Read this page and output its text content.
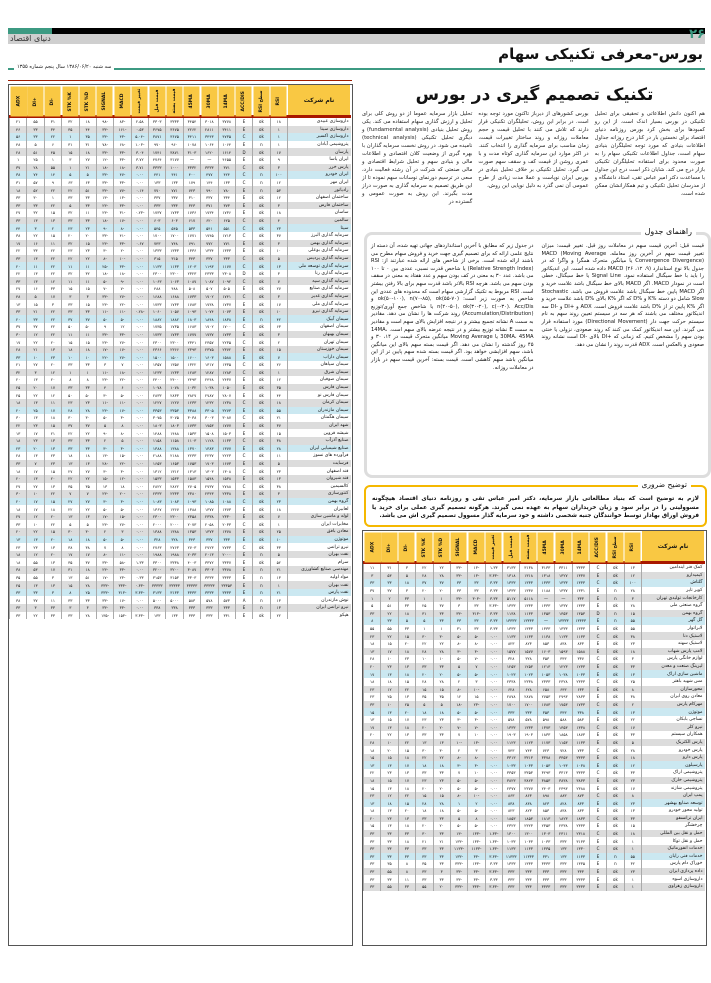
۲۶
دنیای اقتصاد
بورس-معرفی تکنیکی سهام
سه شنبه ۱۳۸۶/۰۶/۲۰ سال پنجم شماره ۱۳۵۵
تکنیک تصمیم گیری در بورس
تحلیل بازار سرمایه عموما از دو روش کلی برای تحلیل و ارزش گذاری سهام استفاده می کند. یکی روش تحلیل بنیادی (fundamental analysis) و دیگری تحلیل تکنیکی (technical analysis) نامیده می شود. در روش نخست سرمایه گذاران با بهره گیری از وضعیت کلان اقتصادی و اطلاعات مالی و بنیادی سهم و تحلیل شرایط اقتصادی و مالی صنعتی که شرکت در آن رشته فعالیت دارد، سعی در ترسیم دورنمای نوسانات سهم نموده تا از این طریق تصمیم به سرمایه گذاری به صورت دراز مدت بگیرند. این روش به صورت عمومی و گسترده در
بورس کشورهای از دیرباز تاکنون مورد توجه بوده است. در برابر این روش، تحلیلگران تکنیکی قرار دارند که تلاش می کنند با تحلیل قیمت و حجم معاملات روزانه و روند ساختار تغییرات قیمت، زمان مناسب برای سرمایه گذاری را انتخاب کنند. در اکثر موارد این سرمایه گذاری کوتاه مدت و با عمری روشن از قیمت کف و سقف سهم صورت می گیرد. تحلیل تکنیکی بر خلاف تحلیل بنیادی در بورس ایران نوپاست و عملا مدت زیادی از طرح عمومی آن نمی گذرد به دلیل نوپایی این روش،
هم اکنون دانش اطلاعاتی و تحقیقی برای تحلیل تکنیکی در بورس بسیار اندک است. از این رو کمبودها برای بخش کرد بورس روزنامه دنیای اقتصاد برای نخستین بار در کنار درج روزانه جداول اطلاعات بنیادی که مورد توجه تحلیلگران بنیادی سهام است، جداول اطلاعات تکنیکی سهام را به صورت محدود برای استفاده تحلیلگران تکنیکی بازار درج می کند. شایان ذکر است درج این جداول با مساعدت دکتر امیر عباس تقی، استاد دانشگاه و از مدرسان تحلیل تکنیکی و تیم همکارانشان ممکن شده است.
راهنمای جدول
در جدول زیر که مطابق با آخرین استانداردهای جهانی تهیه شده، آن دسته از نتایج علمی ارائه که برای تصمیم گیری جهت خرید و فروش سهام مطرح می باشند ارائه شده است. برخی از شاخص های ارائه شده عبارتند از: RSI (Relative Strength Index) یا شاخص قدرت نسبی، عددی بین ۰ تا ۱۰۰ می باشد. عدد ۳۰ به معنی در کف بودن سهم و عدد هفتاد به معنی در سقف بودن سهم می باشد. هرچه RSI بالاتر باشد قدرت سهم برای بالا رفتن بیشتر است. RSI مربوط به تکنیک گزارشی سهام است که محدوده های عددی این شاخص به صورت زیر است: ok(۵۰-۱۰۰), n(۷۰-۸۵), ok(۵۵-۷۰) و n(۲۰-۵۰), ok(۳۰-۲۰), c(۰-۳۰). Acc/Dis یا شاخص جمع آوری/توزیع (Accumulation/Distribution) روند شرکت ها را نشان می دهد. مقادیر به سمت A نشانه تجمیع بیشتر و در نتیجه افزایش بالای سهم است و مقادیر به سمت E نشانه توزیع بیشتر و در نتیجه عرضه بالای سهم است. 14MA، 30MA، 45MA یا Moving Average میانگین متحرک قیمت در ۱۴، ۳۰ و ۴۵ روز گذشته را نشان می دهد. اگر قیمت بسته سهم بالای این میانگین باشد، سهم افزایشی خواهد بود. اگر قیمت بسته شده سهم پایین تر از این میانگین باشد سهم کاهشی است. قیمت بسته: آخرین قیمت سهم در بازار در معاملات روزانه.
قیمت قبل: آخرین قیمت سهم در معاملات روز قبل. تغییر قیمت: میزان تغییر قیمت سهم در آخرین روز معامله. MACD (Moving Average Convergence Divergence) یا میانگین متحرک همگرا و واگرا که در جدول بالا نوع استاندارد (۹، ۱۲، ۲۶) MACD داده شده است. این اندیکاتور را باید با خط سیگنال استفاده نمود. Signal Line یا خط سیگنال، خطی است در نمودار MACD. اگر MACD بالای خط سیگنال باشد علامت خرید و اگر MACD پایین خط سیگنال باشد علامت فروش می باشد. Stochastic Slow شامل دو دسته %K و %D که اگر %K بالای %D باشد علامت خرید و اگر %K پایین تر از %D باشد علامت فروش است. ADX و +DI و -DI سه اندیکاتور مختلف می باشند که هر سه در سیستم تعیین روند سهم به نام سیستم حرکت جهت دار (Directional Movement) مورد استفاده قرار می گیرند. این سه اندیکاتور کمک می کنند که روند صعودی، نزولی یا خنثی بودن سهم را مشخص کنیم. که زمانی که +DI بالای -DI است نشانه روند صعودی و بالعکس است. ADX قدرت روند را نشان می دهد.
توضیح ضروری
لازم به توضیح است که بنیاد مطالعاتی بازار سرمایه، دکتر امیر عباس تقی و روزنامه دنیای اقتصاد هیچگونه مسوولیتی را در برابر سود و زیان خریداران سهام به عهده نمی گیرند. هرگونه تصمیم گیری عملی برای خرید یا فروش اوراق بهادار توسط خوانندگان جنبه شخصی داشته و خود سرمایه گذار مسوول تصمیم گیری اش می باشد.
نام شرکت	RSI	سطح RSI	ACC/DIS	14MA	30MA	45MA	قیمت بسته	قیمت قبل	تغییر قیمت	MACD	SIGNAL	STK %D	STK %K	-DI	+DI	ADX
داروسازی عبیدی	۱۸	ok	E	۳۷۷۸	۳۰۱۸	۳۴۵۴	۳۳۳۳	۳۳۰۳	۲.۵۸	-۸۳	-۹۸	۱۸	۳۲	۳۱	۵۵	۲۱
داروسازی سینا	۱	ok	E	۳۴۱۱	۲۸۱۱	۲۲۶۲	۳۶۷۵	۳۶۷۵	۰.۵۳	-۱۶۱	-۳۳	۴۴	۳۵	۳۴	۳۳	۴۶
داروسازی اکسیر	۱	ok	C	۴۷۳۵	۳۴۴۳	۳۴۱۱	۳۶۷۵	۳۸۷۱	-۵.۰۴	-۴۳	-۳۳	۳۵	۱	۲۲	۳۳	۵۶
پتروشیمی آبادان	۱	n	E	۱۰۶۴	۱۰۶۴	۱۰۷۸	۹۶۰	۹۷۰	-۱.۰۳	-۶۸	-۷۸	۳۱	۳۱	۶	۵	۴۸
پارسان	۱۷	ok	D	۱۶۱۴	۱۶۲۰	۳۱۰۳	۳۸۷۱	۱۷۴۱	۳.۰۴	-۳۳	-۳۳	۱۸	۱۵	۴۵	۵۱	۲۸
ایران یاسا	۹	ok	E	۴۶۵۵	—	—	۳۱۷۷	۴۷۶۴	۳.۷۲	-۳۳	-۱۲	۲۷	۳	۱	۲۵	۱
پارس خزر	۳	ok	C	۳۷۱	۳۳۳۳	۳۳۳۲	۱۰۰۰	۳۳۳۳	۳.۷۱	-۱۸	-۱۸	۲۱	۱	۵۵	۲۸	۳۷
ایران خودرو	۱۰۰	n	C	۴۲۴	۴۷۷	۴۰۰	۴۴۱	۴۴۱	۰.۰۰	-۴۷	-۳۳	۵	۵	۱۴	۷۴	۳۸
ایران مهر	۱۲	n	C	۱۳۳	۱۴۴	۱۷۹	۱۳۳	۱۳۳	۰.۰۰	-۳۳	-۳۳	۶۳	۶۳	۹	۵۷	۳۱
رادیاتور	۵۳	n	E	۷۸۰	۷۹۰	۷۲۳	۷۷۱	۷۷۰	۰.۱۴	-۷۷	-۳۳	۵۱	۲۲	۲۲	۵۲	۱۸
ساختمان اصفهان	۱۲	ok	E	۳۳۴	۳۳۷	۳۱۰	۳۳۷	۳۳۷	۰.۰۰	-۱۳	-۱۳	۳۳	۳۳	۱	۳۰	۳۳
ساختمان فارس	۳	ok	E	۳۷۳	۳۷۱	۳۲۳	۳۳۳	۳۳۳	۰.۰۰	-۳۳	-۲۳	۳۳	۵	۲۲	۳۳	۳۳
ساسان	۱۸	ok	E	۱۷۳۶	۱۷۳۴	۱۷۳۶	۱۷۳۳	۱۷۳۷	-۰.۲۳	-۳۱	-۲۳	۱۱	۳۲	۱۵	۳۲	۲۷
سالمین	۴	ok	C	۶۲۵	۶۲۰	۶۱۷	۶۰۳	۶۰۳	۰.۰۰	-۱۷	-۱۸	۳۳	۳۳	۱۳	۱۳	۳۳
سپتا	۲۳	ok	C	۵۵۱	۵۴۱	۵۳۳	۵۴۵	۵۴۵	۰.۰۰	-۸	-۹	۲۳	۲۳	۲	۳	۴۴
سرمایه گذاری البرز	۳۷	ok	C	۱۷۱۳	۱۷۴۵	۱۷۷۱	۱۷۰۰	۱۷۰۰	۰.۰۰	-۴۱	-۳۳	۲۰	۲۰	۱۵	۲۲	۳۸
سرمایه گذاری بهمن	۳	ok	E	۷۷۱	۷۷۲	۷۹۱	۷۴۸	۷۴۳	۰.۶۷	-۳۳	-۲۳	۱۵	۳۲	۱۱	۱۶	۱۷
سرمایه گذاری بوعلی	۱۰	ok	E	۱۳۳۳	۱۳۳۴	۱۳۳۶	۱۳۳۳	۱۳۳۳	۰.۰۰	-۲	-۳	۲۳	۲۳	۲۲	۳۳	۲۲
سرمایه گذاری پردیس	۵	ok	C	۳۳۳	۳۳۷	۳۴۳	۳۱۵	۳۱۵	۰.۰۰	-۱۰	-۸	۲۲	۲۲	۲۲	۱۳	۳۳
سرمایه گذاری توسعه ملی	۱۳	ok	C	۱۱۷۷	۱۱۹۳	۱۲۰۳	۱۱۳۳	۱۱۳۳	۰.۰۰	-۳۳	-۲۵	۱۱	۱۱	۲۲	۱۱	۲۰
سرمایه گذاری رنا	۳	ok	D	۲۳۰۸	۲۳۳۳	۲۳۲۳	۲۳۰۰	۲۳۰۰	۰.۰۰	-۱۸	-۱۸	۳۲	۳۲	۲۲	۱۳	۲۲
سرمایه گذاری سپه	۷	ok	C	۱۰۹۲	۱۰۸۷	۱۰۸۷	۱۰۶۳	۱۰۶۳	۰.۰۰	-۹	-۵	۱۱	۱۱	۱۲	۱۳	۳۳
سرمایه گذاری صنایع	۲۷	ok	E	۵۰۵	۵۰۷	۵۰۸	۴۸۸	۴۸۸	۰.۰۰	-۷	-۷	۱۵	۱۵	۳۳	۱۶	۲۷
سرمایه گذاری غدیر	۳	ok	C	۱۷۴۱	۱۷۰۲	۱۷۳۳	۱۶۸۸	۱۶۸۸	۰.۰۰	-۲۷	-۳۳	۳	۳	۱۷	۵	۴۸
سرمایه گذاری ملی	۱۷	ok	E	۱۷۳۷	۱۷۳۸	۱۷۸۳	۱۷۳۳	۱۷۳۳	۰.۰۰	-۲۲	-۲۳	۱۵	۳۳	۳	۱۵	۱۳
سرمایه گذاری نیرو	۱۰	ok	E	۱۰۷۳	۱۰۷۴	۱۰۹۳	۱۰۵۷	۱۰۶۰	-۰.۲۸	-۱۱	-۱۱	۳۳	۳۳	۲۲	۲۱	۳۳
سیمان آبیک	۴۲	n	E	۱۸۳۸	۱۸۴۸	۱۸۰۳	۱۸۸۲	۱۸۸۲	۰.۰۰	-۵	-۵	۳۷	۳۷	۲۲	۳۳	۲۰
سیمان اصفهان	۶۳	ok	C	۱۷۰۰	۱۷۰۲	۱۶۸۳	۱۷۳۵	۱۷۳۵	۰.۰۰	۱۲	۹	۵۰	۵۰	۲۲	۳۷	۳۷
سیمان بهبهان	۳	ok	E	۱۷۳۳	۱۷۳۷	۱۷۷۷	۱۷۳۳	۱۷۳۳	۰.۰۰	-۳۳	-۳۳	۱۱	۱۱	۲۲	۱۲	۳۰
سیمان تهران	۲	ok	C	۲۲۳۵	۲۳۵۷	۲۳۴۱	۲۳۰۰	۲۳۰۰	۰.۰۰	-۲۷	-۲۳	۱۵	۱۵	۲۰	۲۲	۱۷
سیمان خوزستان	۱۵	ok	E	۲۳۷۲	۲۳۷۵	۲۳۹۳	۲۳۶۶	۲۳۶۶	۰.۰۰	-۱۷	-۱۷	۱۸	۱۸	۱۳	۲۱	۲۸
سیمان داراب	۷	ok	E	۱۵۸۸	۱۶۰۳	۱۶۰۰	۱۵۰۰	۱۵۰۰	۰.۰۰	-۲۷	-۲۲	۱۰	۱۰	۲۳	۱۰	۳۳
سیمان سپاهان	۲۶	ok	C	۱۳۳۵	۱۳۱۷	۱۳۲۲	۱۳۵۷	۱۳۵۷	۰.۰۰	۷	۳	۳۳	۳۳	۲۰	۲۷	۲۱
سیمان شرق	۱	ok	C	۱۲۸۳	۱۲۸۷	۱۲۸۳	۱۲۳۳	۱۲۳۳	۰.۰۰	-۱۸	-۱۱	۱	۱	۱۲	۳	۳۲
سیمان صوفیان	۱۲	ok	E	۲۴۳۷	۲۴۴۸	۲۴۹۳	۲۴۰۰	۲۴۰۰	۰.۰۰	-۲۲	-۲۳	۸	۸	۲۰	۱۳	۲۰
سیمان فارس	۳۵	ok	E	۱۰۵۰	۱۰۳۸	۱۰۳۲	۱۰۷۸	۱۰۷۸	۰.۰۰	۶	۴	۳۳	۳۳	۱۷	۲۰	۲۵
سیمان فارس نو	۴۴	ok	E	۲۸۰۷	۲۷۸۷	۲۸۲۷	۲۸۳۳	۲۸۳۳	۰.۰۰	-۵	-۳	۵۰	۵۰	۱۲	۲۲	۲۵
سیمان کرمان	۱۸	ok	C	۱۲۳۸	۱۲۳۲	۱۲۳۳	۱۲۲۷	۱۲۲۷	۰.۰۰	-۱۱	-۱۱	۲۳	۲۳	۱۱	۱۳	۱۸
سیمان مازندران	۵۵	ok	E	۳۲۷۳	۳۳۰۵	۳۳۸۸	۳۳۵۳	۳۳۵۳	۰.۰۰	-۱۷	-۲۳	۲۸	۲۸	۱۷	۲۵	۲۰
سیمان هگمتان	۲۱	ok	C	۳۰۸۷	۳۰۰۳	۳۰۳۸	۳۰۷۵	۳۰۷۵	۰.۰۰	-۳	-۵	۳۰	۳۰	۱۸	۱۳	۳۰
شهد ایران	۳۷	ok	E	۱۷۷۷	۱۷۵۳	۱۷۳۳	۱۸۰۳	۱۸۰۳	۰.۰۰	۸	۵	۳۷	۳۷	۱۵	۲۳	۲۲
شیشه قزوین	۱۵	ok	E	۱۵۰۳	۱۵۰۸	۱۵۳۳	۱۴۸۸	۱۴۸۸	۰.۰۰	-۸	-۹	۲۲	۲۲	۲۱	۱۷	۱۳
صنایع آذرآب	۳۸	ok	C	۱۱۳۳	۱۱۲۸	۱۱۰۳	۱۱۵۸	۱۱۵۸	۰.۰۰	۵	۲	۳۳	۳۳	۱۳	۲۳	۱۸
صنایع شیمیایی ایران	۲۸	ok	E	۱۳۷۷	۱۳۸۳	۱۳۷۰	۱۳۸۸	۱۳۸۸	۰.۰۰	-۳	-۳	۳۳	۳۳	۱۳	۲۰	۲۳
فرآورده های نسوز	۱۱	ok	C	۲۲۲۳	۲۲۳۷	۲۲۳۳	۲۱۸۸	۲۱۸۸	۰.۰۰	-۱۵	-۱۳	۱۸	۱۸	۲۳	۱۳	۲۸
فرسایت	۵	ok	E	۱۶۷۳	۱۷۰۳	۱۷۵۳	۱۶۵۳	۱۶۵۳	۰.۰۰	-۲۲	-۲۸	۱۳	۱۳	۲۳	۷	۳۳
قند اصفهان	۲۳	ok	C	۱۳۰۸	۱۳۰۳	۱۳۱۳	۱۳۱۲	۱۳۱۲	۰.۰۰	-۳	-۳	۲۷	۲۷	۱۵	۱۷	۱۸
قند شیروان	۱۳	ok	E	۱۵۳۸	۱۵۴۸	۱۵۸۳	۱۵۳۳	۱۵۳۳	۰.۰۰	-۱۲	-۱۵	۲۲	۲۲	۲۰	۱۳	۲۰
کالسیمین	۳۸	ok	C	۲۷۸۸	۲۷۳۷	۲۷۰۵	۲۸۲۲	۲۸۲۲	۰.۰۰	۱۸	۱۳	۳۵	۳۵	۱۳	۲۷	۲۷
کنتورسازی	۳	ok	E	۲۳۳۸	۲۳۴۳	۲۳۸۰	۲۳۳۳	۲۳۳۳	۰.۰۰	-۲۰	-۲۳	۷	۷	۲۲	۱۰	۳۰
گروه بهمن	۲۳	ok	C	۱۰۸۸	۱۰۸۵	۱۰۹۳	۱۰۸۳	۱۰۸۳	۰.۰۰	-۳	-۳	۲۷	۲۷	۱۵	۱۷	۲۰
لعابیران	۱۸	ok	E	۱۳۷۳	۱۳۷۷	۱۳۸۸	۱۳۶۷	۱۳۶۷	۰.۰۰	-۵	-۵	۲۲	۲۲	۱۸	۱۷	۱۸
لوله و ماشین سازی	۷	ok	E	۲۳۳۰	۲۳۳۸	۲۳۵۸	۲۳۰۰	۲۳۰۰	۰.۰۰	-۱۵	-۱۷	۱۳	۱۳	۲۰	۱۲	۲۷
مخابرات ایران	۱	ok	C	۲۰۳۳	۲۰۵۸	۲۰۷۳	۲۰۰۰	۲۰۰۰	۰.۰۰	-۲۷	-۲۳	۵	۵	۲۲	۱۰	۳۳
معادن بافق	۲۵	ok	E	۱۳۷۸	۱۳۷۳	۱۳۵۳	۱۳۸۸	۱۳۸۸	۰.۰۰	۳	۲	۳۰	۳۰	۱۵	۲۲	۲۰
موتوژن	۱۰	ok	E	۳۳۳	۳۳۷	۳۴۳	۳۲۸	۳۲۸	۰.۰۰	-۵	-۵	۱۸	۱۸	۲۰	۱۳	۱۳
نیرو ترانس	۳۳	ok	C	۲۷۳۳	۲۷۲۳	۲۷۰۳	۲۷۶۳	۲۷۶۳	۰.۰۰	۸	۷	۳۸	۳۸	۱۳	۲۳	۲۳
نفت بهران	۵	n	E	۲۰۰۰	۲۰۱۳	۲۰۳۳	۱۹۸۸	۱۹۸۸	۰.۰۰	-۱۱	-۸	۱۷	۱۷	۲۰	۱۲	۱۸
سرام	۵۲	ok	E	۳۳۳۷	۳۳۷۲	۴۰۰۳	۳۳۳۸	۳۳۰۰	۱.۳۳	-۵۸	-۳۳	۳۷	۳۵	۱۳	۵۵	۱۸
مهندسی صنایع کشاورزی	۲۱	n	E	۳۳۷۸	۳۳۰۳	۳۰۸۷	۳۲۰۰	۳۲۰۰	۰.۰۰	-۳۳	-۲۳	۱۸	۳۱	۱۷	۵۳	۳۸
مواد اولیه	۱۳	n	E	۳۳۳۳	۳۳۳۳	۳۳۰۳	۳۱۵۳	۳۱۵۳	۰.۳۳	-۲۳	-۱۷	۵۱	۱۳	۳	۵۵	۳۵
نفت بهران	۱	n	E	۳۳۳۵۳	۳۳۳۳۳	۳۳۳۳۳	۳۳۳۳۳	۳۳۳۳۳	-۰.۳۳	-۳۳۳	-۳۳۳	۲۸	۱۵	۱۳	۱۳	۲۵
نفت پارس	۲۱	n	E	۳۳۳۳	۳۳۳۳	۳۳۳۳	۳۱۳۳	۳۱۳۳	-۳.۳۳	-۳۱۳	-۳۳۳	۲۵	۸	۳	۳۳	۳۳
نوش مازندران	۱۳	n	A	۵۷۳	۵۷۸	۵۸۳	۵۰۰۰	۵۰۰۰	۰.۰۰	-۱۷	-۳۳	۳۳	۳۳	۱۱	۳۷	۳۸
نیرو ترانس ایران	۱۳	n	E	۳۳۳	۳۳۳	۳۳۳	۳۳۸	۳۳۸	۰.۰۰	-۳۳	-۳۳	۳	۳	۳۳	۳	۳۳
هپکو	۲۲	ok	E	۳۳۱	۳۳۳	۳۳۳	۱۳۳	۱۳۳	-۳.۳۳	-۱۵۳	-۱۳۵	۲۸	۳۳	۳۳	۲۲	۳۳
نام شرکت	RSI	سطح RSI	ACC/DIS	14MA	30MA	45MA	قیمت بسته	قیمت قبل	تغییر قیمت	MACD	SIGNAL	STK %D	STK %K	-DI	+DI	ADX
کمک فنر ایندامین	۱۳	ok	C	۳۳۳۳	۳۳۱۱	۳۱۳۳	۳۱۳۸	۳۱۳۳	۱.۳۳	-۱۳	-۳۳	۲۲	۲۲	۳	۳۱	۱۱
کیمیدارو	۱۲	ok	E	۱۳۳۷	۱۳۲۷	۱۳۱۸	۱۳۱۸	۱۳۱۸	-۳.۳۳	-۱۳	-۳۳	۲۸	۲۸	۵	۵۳	۳
گلتاش	۱۰۰	ok	C	۱۳۳۳	۱۳۳۳	۱۳۳۳	۱۳۳۳	۱۳۳۳	۳.۳۳	۳۳	۳۳	۳۷	۳۷	۱۸	۳۳	۳۳
کویر تایر	۲۸	n	E	۱۳۳۱	۱۳۳۷	۱۱۸۸	۱۳۳۷	۱۳۳۳	۳.۳۳	۳۳	۳۳	۲۰	۲۰	۳	۳۷	۳۷
کارخانجات تولیدی تهران	۳	n	E	۳۳۳	—	—	۵۱۱۸	۵۱۱۷	۳.۳۳	-۳۰۳	-۳۳	۱	۱	۳۳	۲	۱
گروه صنعتی ملی	۲۸	ok	E	۱۳۳۳	۱۳۳۷	۱۳۳۳	۱۳۳۳	۱۳۳۳	-۳.۳۳	۳۳	۳	۳۷	۲۵	۳۳	۵۱	۵
گروه بهمن	۱۵	n	D	۱۳۵۳	۱۳۵۳	۱۳۵۳	۱۱۳۳	۱۱۳۸	۳.۳۳	-۳۱۳	-۳۳	۳۳	۳۱	۱۸	۲۲	۳۳
گل گهر	۵۵	n	E	۱۳۳۳۳	۱۳۳۳۳	—	۱۳۳۳۳	۱۳۳۳۳	۳.۳۳	۳۳	۳۳	۳۳	۵	۵	۳۳	۸
لابراتوار	۵۵	ok	E	۱۳۳۳	۱۳۳۳	۱۳۳۳	۱۳۳۳	۱۳۳۳	۳.۳۳	۳۳	۳۱	۱	۱	۳۳	۵۵	۵۵
لاستیک دنا	۳۸	ok	C	۱۱۳۳	۱۱۳۳	۱۱۳۸	۱۱۳۳	۱۱۳۳	۰.۰۰	-۵	-۵	۳۰	۳۰	۱۵	۲۲	۲۳
لاستیک سهند	۲۳	ok	E	۸۳۳	۸۳۸	۸۵۳	۸۲۳	۸۲۳	۰.۰۰	-۸	-۸	۲۲	۲۲	۲۰	۱۵	۱۸
لامپ پارس شهاب	۱۸	ok	E	۱۵۸۸	۱۵۹۳	۱۶۰۳	۱۵۷۷	۱۵۷۷	۰.۰۰	-۳	-۳	۲۸	۲۸	۱۸	۱۷	۱۳
لوازم خانگی پارس	۳	ok	C	۳۳۷	۳۴۳	۳۵۳	۳۲۸	۳۲۸	۰.۰۰	-۷	-۵	۱۰	۱۰	۲۳	۱۰	۲۸
لیزینگ صنعت و معدن	۳۳	ok	E	۱۲۳۳	۱۲۲۳	۱۲۱۳	۱۲۵۳	۱۲۵۳	۰.۰۰	۷	۵	۳۳	۳۳	۱۳	۲۳	۲۰
ماشین سازی اراک	۱۳	ok	E	۱۰۳۳	۱۰۳۸	۱۰۵۳	۱۰۲۳	۱۰۲۳	۰.۰۰	-۵	-۵	۲۰	۲۰	۱۸	۱۳	۱۷
مس شهید باهنر	۲۵	ok	C	۲۳۳۳	۲۳۲۸	۲۳۳۳	۲۳۳۸	۲۳۳۸	۰.۰۰	۳	۲	۲۸	۲۸	۱۵	۱۸	۱۸
محورسازان	۸	ok	E	۶۳۳	۶۴۳	۶۵۸	۶۲۸	۶۲۸	۰.۰۰	-۱۰	-۸	۱۵	۱۵	۲۲	۱۲	۲۳
معادن روی ایران	۳۸	ok	E	۲۸۳۳	۲۷۹۳	۲۷۵۳	۲۸۷۸	۲۸۷۸	۰.۰۰	۱۵	۱۲	۳۵	۳۵	۱۳	۲۵	۲۳
مهرکام پارس	۲	ok	C	۱۷۳۳	۱۷۵۳	۱۷۸۳	۱۷۰۰	۱۷۰۰	۰.۰۰	-۲۳	-۱۸	۵	۵	۲۵	۱۰	۳۳
موتوژن	۱۳	ok	E	۳۳۸	۳۴۳	۳۵۳	۳۳۳	۳۳۳	۰.۰۰	-۵	-۵	۱۸	۱۸	۲۰	۱۳	۱۵
نساجی بابکان	۲۲	ok	E	۵۸۳	۵۸۸	۵۹۸	۵۷۸	۵۷۸	۰.۰۰	-۳	-۳	۲۳	۲۳	۱۷	۱۵	۱۳
نیرو کلر	۱۷	ok	C	۱۳۳۸	۱۳۵۳	۱۳۷۳	۱۳۳۳	۱۳۳۳	۰.۰۰	-۷	-۷	۲۰	۲۰	۱۸	۱۳	۱۷
همکاران سیستم	۳۳	ok	E	۱۸۷۳	۱۸۵۸	۱۸۳۳	۱۹۰۳	۱۹۰۳	۰.۰۰	۱۰	۷	۳۳	۳۳	۱۳	۲۲	۲۰
پارس الکتریک	۵	ok	E	۱۱۳۳	۱۱۵۳	۱۱۷۳	۱۱۲۳	۱۱۲۳	۰.۰۰	-۱۳	-۱۰	۱۳	۱۳	۲۲	۱۰	۲۸
پارس خودرو	۲۸	ok	C	۷۳۳	۷۲۸	۷۲۳	۷۴۳	۷۴۳	۰.۰۰	۳	۲	۳۰	۳۰	۱۵	۲۰	۱۸
پارس دارو	۱۸	ok	E	۳۳۳۳	۳۳۵۳	۳۳۷۸	۳۳۱۳	۳۳۱۳	۰.۰۰	-۸	-۸	۲۲	۲۲	۱۸	۱۵	۱۵
پارسیلون	۱۲	ok	E	۱۰۳۸	۱۰۴۳	۱۰۵۳	۱۰۳۳	۱۰۳۳	۰.۰۰	-۳	-۳	۱۸	۱۸	۱۷	۱۳	۱۳
پتروشیمی اراک	۳۳	ok	C	۳۳۳۳	۳۳۱۳	۳۲۹۳	۳۳۵۳	۳۳۵۳	۰.۰۰	۱۰	۷	۳۳	۳۳	۱۳	۲۳	۲۲
پتروشیمی خارک	۲۳	ok	E	۳۸۳۳	۳۸۳۸	۳۸۵۳	۳۸۲۳	۳۸۲۳	۰.۰۰	-۵	-۵	۲۳	۲۳	۱۷	۱۵	۱۸
پتروشیمی شازند	۱۷	ok	E	۲۳۸۸	۲۳۹۳	۲۴۰۳	۲۳۷۷	۲۳۷۷	۰.۰۰	-۵	-۵	۲۰	۲۰	۱۸	۱۳	۱۵
پمپ ایران	۸	ok	C	۸۷۳	۸۸۳	۸۹۸	۸۶۳	۸۶۳	۰.۰۰	-۱۰	-۸	۱۵	۱۵	۲۲	۱۲	۲۳
توسعه صنایع بهشهر	۲۳	ok	E	۸۳۳	۸۲۸	۸۲۳	۸۳۸	۸۳۸	۰.۰۰	۲	۱	۲۸	۲۸	۱۵	۱۸	۱۳
تولید محور خودرو	۱۳	ok	E	۸۳۳	۸۳۸	۸۵۳	۸۲۳	۸۲۳	۰.۰۰	-۵	-۵	۱۸	۱۸	۲۰	۱۳	۱۸
ایران ترانسفو	۳۳	ok	C	۱۸۳۳	۱۸۲۳	۱۸۱۳	۱۸۵۳	۱۸۵۳	۰.۰۰	۸	۵	۳۳	۳۳	۱۳	۲۳	۲۰
چرخشگر	۱۵	ok	E	۲۳۳۳	۲۳۳۸	۲۳۵۳	۲۳۲۳	۲۳۲۳	۰.۰۰	-۵	-۵	۲۰	۲۰	۱۸	۱۳	۱۵
حمل و نقل بین المللی	۱۸	ok	C	۲۳۱۸	۲۳۱۱	۱۳۰۳	۱۳۰۰	۱۳۰۰	-۱.۳۳	-۱۳۳	-۱۳	۳۳	۳۰	۳۳	۳۳	۳۳
حمل و نقل توکا	۱	ok	E	۳۱۳۳	۳۳۳	۱۰۳۳	۱۰۳۳	۱۰۳۳	-۱.۳۳	-۱۳۳	-۱۳۳	۲۱	۲۱	۱۸	۳۳	۳۳
خدمات انفورماتیک	۱	ok	C	۱۳۳۰	۱۳۳	۱۳۳۵	۱۱۳۳	۱۱۳۳	-۱.۳۳	-۱۱۳۳	-۱۱۳۳	۳۳	۳۳	۳۳	۳۳	۳۳
خدمات فنی رایان	۵۵	n	E	۱۱۳۳	۱۳۳	۳۳۱	۱۱۳۳۳	۱۱۳۳۳	-۳.۳۳	-۳۳	-۱۳۳	۳۳	۳۳	۳۳	۳۳	۳۳
خوراک دام پارس	۳۲	n	E	۱۳۳۵	۳۳۳	۳۳۳۳	۱۳۳۳	۱۳۳۳	۳.۳۳	-۱۳۳	-۳۳۳	۳۳	۳۵	۸	۳۵	۳۳
داده پردازی ایران	۲۳	ok	E	۳۳۳	۳۳۳	۳۳۳	۳۳۳	۳۳۳	-۳.۳۳	-۳۳	-۳۳	۳	۳۳	۸	۵۵	۳۳
داروسازی اسوه	۱	ok	E	۳۳۳۳	۳۳۳	۳۳۳	۳۳۳	۳۳۳	۳.۳۳	-۳۳	-۳۳	۳۳	۳۳	۱۱	۳۳	۳۳
داروسازی زهراوی	۱	ok	E	۳۳۳۳	۳۳۳	۳۳۳۳	۳۳۳	۳۳۳	-۳.۳۳	-۳۳۳	-۳۳۳	۲۰	۵۵	۳۳	۵۵	۳۳
